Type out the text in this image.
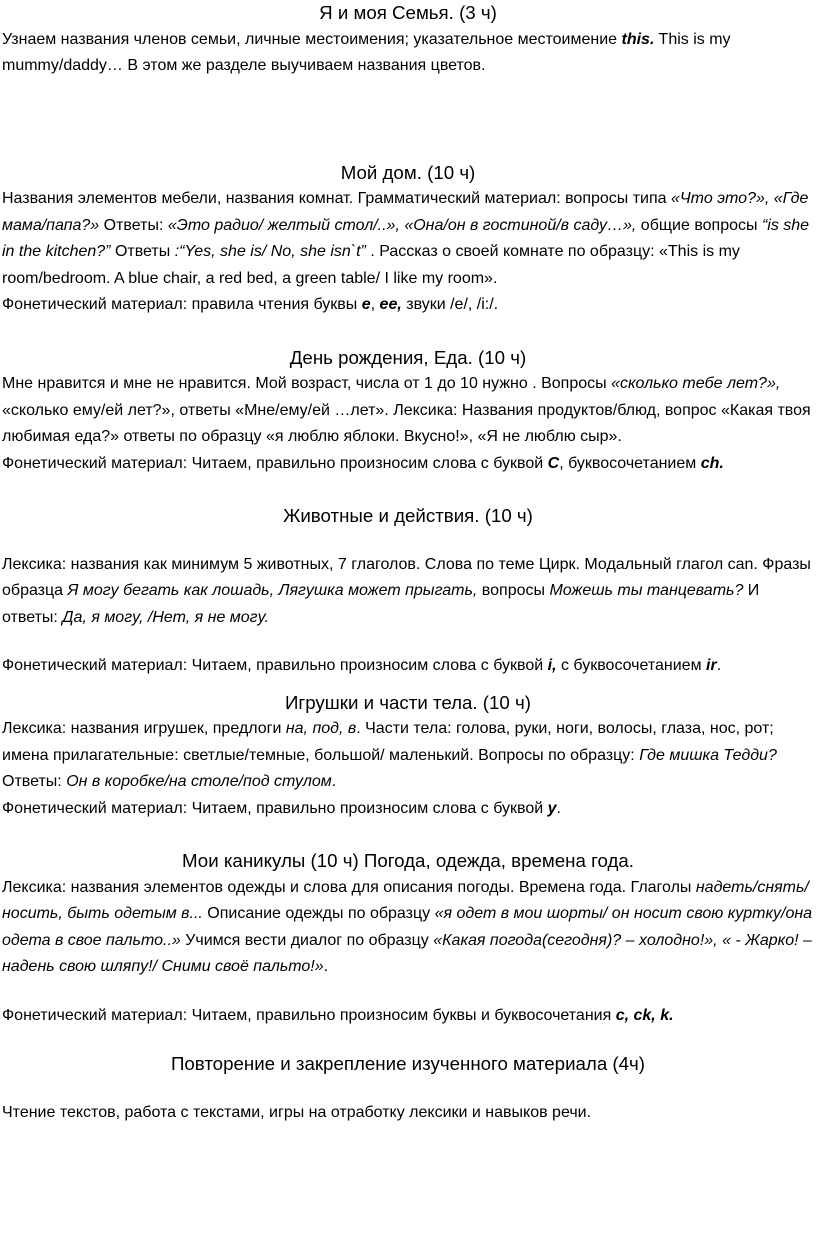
Я и моя Семья. (3 ч)

Узнаем названия членов семьи, личные местоимения; указательное местоимение this. This is my mummy/daddy… В этом же разделе выучиваем названия цветов.

Мой дом. (10 ч)

Названия элементов мебели, названия комнат. Грамматический материал: вопросы типа «Что это?», «Где мама/папа?» Ответы: «Это радио/ желтый стол/..», «Она/он в гостиной/в саду…», общие вопросы “is she in the kitchen?” Ответы :“Yes, she is/ No, she isn`t” . Рассказ о своей комнате по образцу: «This is my room/bedroom. A blue chair, a red bed, a green table/ I like my room».

Фонетический материал: правила чтения буквы e, ee, звуки /e/, /i:/.

День рождения, Еда. (10 ч)

Мне нравится и мне не нравится. Мой возраст, числа от 1 до 10 нужно . Вопросы «сколько тебе лет?», «сколько ему/ей лет?», ответы «Мне/ему/ей …лет». Лексика: Названия продуктов/блюд, вопрос «Какая твоя любимая еда?» ответы по образцу «я люблю яблоки. Вкусно!», «Я не люблю сыр».

Фонетический материал: Читаем, правильно произносим слова с буквой C, буквосочетанием ch.

Животные и действия. (10 ч)

Лексика: названия как минимум 5 животных, 7 глаголов. Слова по теме Цирк. Модальный глагол can. Фразы образца Я могу бегать как лошадь, Лягушка может прыгать, вопросы Можешь ты танцевать? И ответы: Да, я могу, /Нет, я не могу.

Фонетический материал: Читаем, правильно произносим слова с буквой i, с буквосочетанием ir.

Игрушки и части тела. (10 ч)

Лексика: названия игрушек, предлоги на, под, в. Части тела: голова, руки, ноги, волосы, глаза, нос, рот; имена прилагательные: светлые/темные, большой/ маленький. Вопросы по образцу: Где мишка Тедди? Ответы: Он в коробке/на столе/под стулом.

Фонетический материал: Читаем, правильно произносим слова с буквой y.

Мои каникулы (10 ч) Погода, одежда, времена года.

Лексика: названия элементов одежды и слова для описания погоды. Времена года. Глаголы надеть/снять/носить, быть одетым в... Описание одежды по образцу «я одет в мои шорты/ он носит свою куртку/она одета в свое пальто..» Учимся вести диалог по образцу «Какая погода(сегодня)? – холодно!», « - Жарко! – надень свою шляпу!/ Сними своё пальто!».

Фонетический материал: Читаем, правильно произносим буквы и буквосочетания c, ck, k.

Повторение и закрепление изученного материала (4ч)

Чтение текстов, работа с текстами, игры на отработку лексики и навыков речи.
